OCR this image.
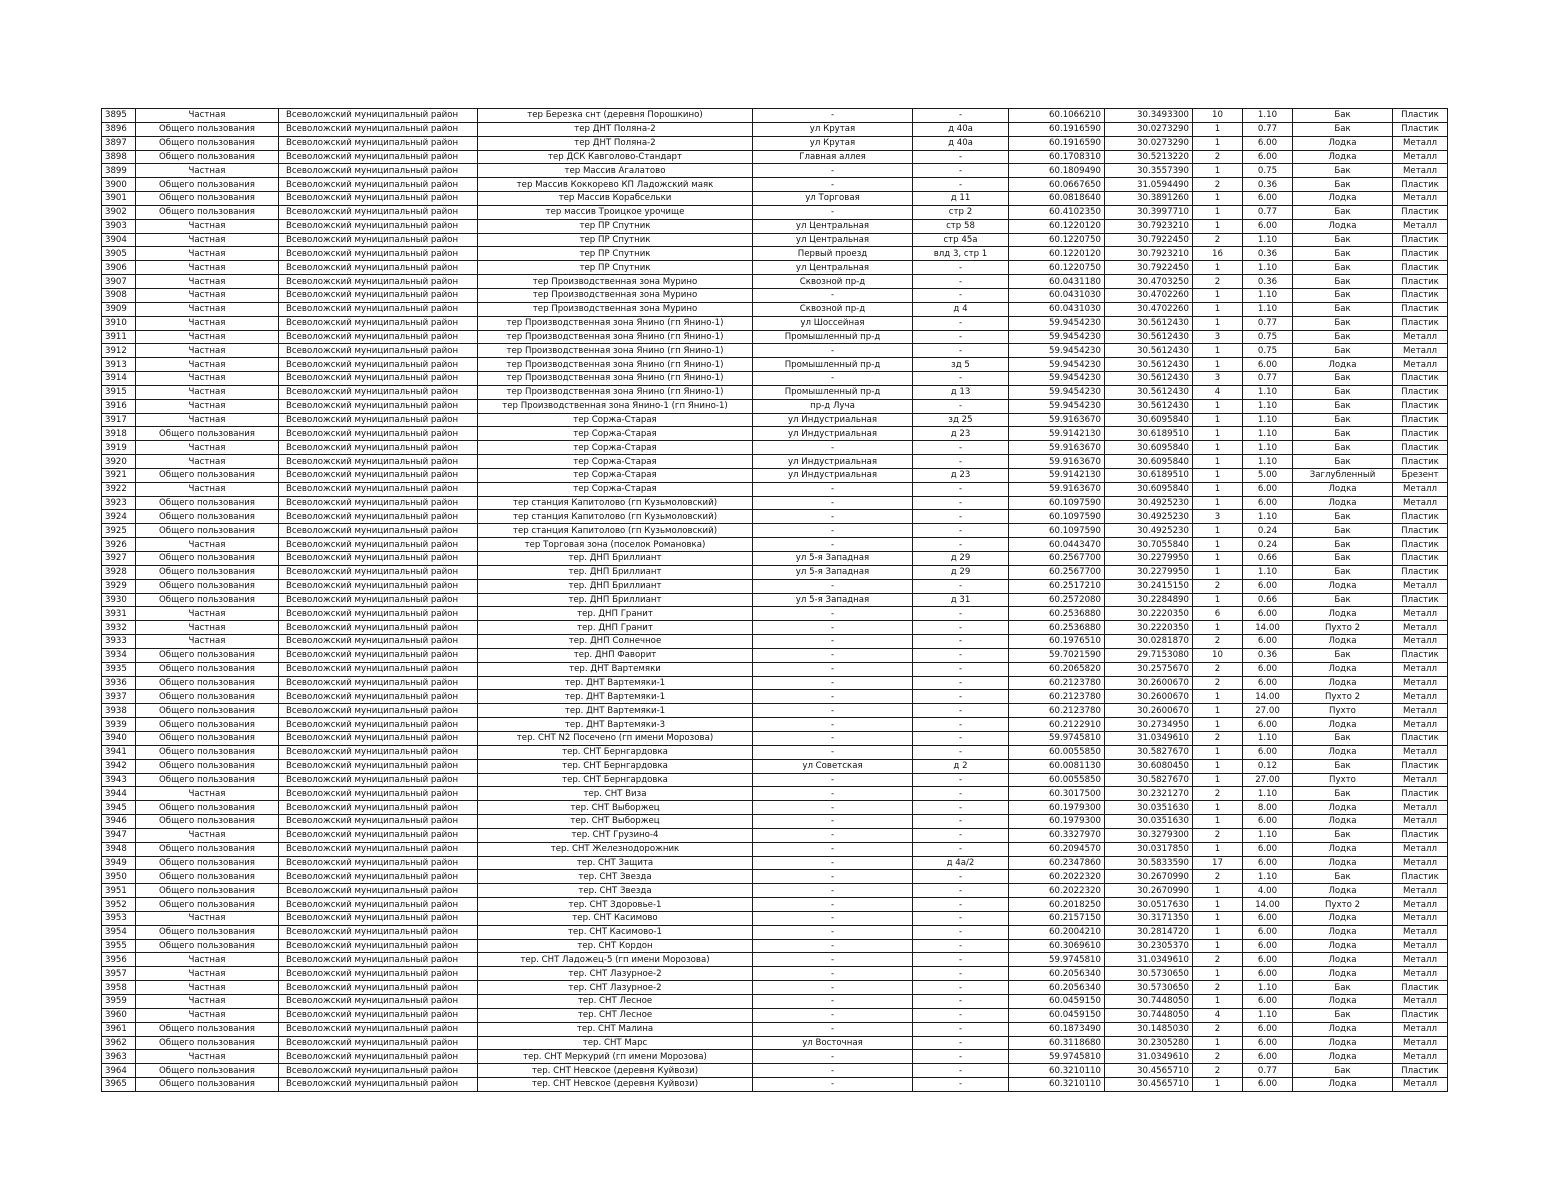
3895	Частная	Всеволожский муниципальный район	тер Березка снт (деревня Порошкино)	-	-	60.1066210	30.3493300	10	1.10	Бак	Пластик
3896	Общего пользования	Всеволожский муниципальный район	тер ДНТ Поляна-2	ул Крутая	д 40а	60.1916590	30.0273290	1	0.77	Бак	Пластик
3897	Общего пользования	Всеволожский муниципальный район	тер ДНТ Поляна-2	ул Крутая	д 40а	60.1916590	30.0273290	1	6.00	Лодка	Металл
3898	Общего пользования	Всеволожский муниципальный район	тер ДСК Кавголово-Стандарт	Главная аллея	-	60.1708310	30.5213220	2	6.00	Лодка	Металл
3899	Частная	Всеволожский муниципальный район	тер Массив Агалатово	-	-	60.1809490	30.3557390	1	0.75	Бак	Металл
3900	Общего пользования	Всеволожский муниципальный район	тер Массив Коккорево КП Ладожский маяк	-	-	60.0667650	31.0594490	2	0.36	Бак	Пластик
3901	Общего пользования	Всеволожский муниципальный район	тер Массив Корабсельки	ул Торговая	д 11	60.0818640	30.3891260	1	6.00	Лодка	Металл
3902	Общего пользования	Всеволожский муниципальный район	тер массив Троицкое урочище	-	стр 2	60.4102350	30.3997710	1	0.77	Бак	Пластик
3903	Частная	Всеволожский муниципальный район	тер ПР Спутник	ул Центральная	стр 58	60.1220120	30.7923210	1	6.00	Лодка	Металл
3904	Частная	Всеволожский муниципальный район	тер ПР Спутник	ул Центральная	стр 45а	60.1220750	30.7922450	2	1.10	Бак	Пластик
3905	Частная	Всеволожский муниципальный район	тер ПР Спутник	Первый проезд	влд 3, стр 1	60.1220120	30.7923210	16	0.36	Бак	Пластик
3906	Частная	Всеволожский муниципальный район	тер ПР Спутник	ул Центральная	-	60.1220750	30.7922450	1	1.10	Бак	Пластик
3907	Частная	Всеволожский муниципальный район	тер Производственная зона Мурино	Сквозной пр-д	-	60.0431180	30.4703250	2	0.36	Бак	Пластик
3908	Частная	Всеволожский муниципальный район	тер Производственная зона Мурино	-	-	60.0431030	30.4702260	1	1.10	Бак	Пластик
3909	Частная	Всеволожский муниципальный район	тер Производственная зона Мурино	Сквозной пр-д	д 4	60.0431030	30.4702260	1	1.10	Бак	Пластик
3910	Частная	Всеволожский муниципальный район	тер Производственная зона Янино (гп Янино-1)	ул Шоссейная	-	59.9454230	30.5612430	1	0.77	Бак	Пластик
3911	Частная	Всеволожский муниципальный район	тер Производственная зона Янино (гп Янино-1)	Промышленный пр-д	-	59.9454230	30.5612430	3	0.75	Бак	Металл
3912	Частная	Всеволожский муниципальный район	тер Производственная зона Янино (гп Янино-1)	-	-	59.9454230	30.5612430	1	0.75	Бак	Металл
3913	Частная	Всеволожский муниципальный район	тер Производственная зона Янино (гп Янино-1)	Промышленный пр-д	зд 5	59.9454230	30.5612430	1	6.00	Лодка	Металл
3914	Частная	Всеволожский муниципальный район	тер Производственная зона Янино (гп Янино-1)	-	-	59.9454230	30.5612430	3	0.77	Бак	Пластик
3915	Частная	Всеволожский муниципальный район	тер Производственная зона Янино (гп Янино-1)	Промышленный пр-д	д 13	59.9454230	30.5612430	4	1.10	Бак	Пластик
3916	Частная	Всеволожский муниципальный район	тер Производственная зона Янино-1 (гп Янино-1)	пр-д Луча	-	59.9454230	30.5612430	1	1.10	Бак	Пластик
3917	Частная	Всеволожский муниципальный район	тер Соржа-Старая	ул Индустриальная	зд 25	59.9163670	30.6095840	1	1.10	Бак	Пластик
3918	Общего пользования	Всеволожский муниципальный район	тер Соржа-Старая	ул Индустриальная	д 23	59.9142130	30.6189510	1	1.10	Бак	Пластик
3919	Частная	Всеволожский муниципальный район	тер Соржа-Старая	-	-	59.9163670	30.6095840	1	1.10	Бак	Пластик
3920	Частная	Всеволожский муниципальный район	тер Соржа-Старая	ул Индустриальная	-	59.9163670	30.6095840	1	1.10	Бак	Пластик
3921	Общего пользования	Всеволожский муниципальный район	тер Соржа-Старая	ул Индустриальная	д 23	59.9142130	30.6189510	1	5.00	Заглубленный	Брезент
3922	Частная	Всеволожский муниципальный район	тер Соржа-Старая	-	-	59.9163670	30.6095840	1	6.00	Лодка	Металл
3923	Общего пользования	Всеволожский муниципальный район	тер станция Капитолово (гп Кузьмоловский)	-	-	60.1097590	30.4925230	1	6.00	Лодка	Металл
3924	Общего пользования	Всеволожский муниципальный район	тер станция Капитолово (гп Кузьмоловский)	-	-	60.1097590	30.4925230	3	1.10	Бак	Пластик
3925	Общего пользования	Всеволожский муниципальный район	тер станция Капитолово (гп Кузьмоловский)	-	-	60.1097590	30.4925230	1	0.24	Бак	Пластик
3926	Частная	Всеволожский муниципальный район	тер Торговая зона (поселок Романовка)	-	-	60.0443470	30.7055840	1	0.24	Бак	Пластик
3927	Общего пользования	Всеволожский муниципальный район	тер. ДНП Бриллиант	ул 5-я Западная	д 29	60.2567700	30.2279950	1	0.66	Бак	Пластик
3928	Общего пользования	Всеволожский муниципальный район	тер. ДНП Бриллиант	ул 5-я Западная	д 29	60.2567700	30.2279950	1	1.10	Бак	Пластик
3929	Общего пользования	Всеволожский муниципальный район	тер. ДНП Бриллиант	-	-	60.2517210	30.2415150	2	6.00	Лодка	Металл
3930	Общего пользования	Всеволожский муниципальный район	тер. ДНП Бриллиант	ул 5-я Западная	д 31	60.2572080	30.2284890	1	0.66	Бак	Пластик
3931	Частная	Всеволожский муниципальный район	тер. ДНП Гранит	-	-	60.2536880	30.2220350	6	6.00	Лодка	Металл
3932	Частная	Всеволожский муниципальный район	тер. ДНП Гранит	-	-	60.2536880	30.2220350	1	14.00	Пухто 2	Металл
3933	Частная	Всеволожский муниципальный район	тер. ДНП Солнечное	-	-	60.1976510	30.0281870	2	6.00	Лодка	Металл
3934	Общего пользования	Всеволожский муниципальный район	тер. ДНП Фаворит	-	-	59.7021590	29.7153080	10	0.36	Бак	Пластик
3935	Общего пользования	Всеволожский муниципальный район	тер. ДНТ Вартемяки	-	-	60.2065820	30.2575670	2	6.00	Лодка	Металл
3936	Общего пользования	Всеволожский муниципальный район	тер. ДНТ Вартемяки-1	-	-	60.2123780	30.2600670	2	6.00	Лодка	Металл
3937	Общего пользования	Всеволожский муниципальный район	тер. ДНТ Вартемяки-1	-	-	60.2123780	30.2600670	1	14.00	Пухто 2	Металл
3938	Общего пользования	Всеволожский муниципальный район	тер. ДНТ Вартемяки-1	-	-	60.2123780	30.2600670	1	27.00	Пухто	Металл
3939	Общего пользования	Всеволожский муниципальный район	тер. ДНТ Вартемяки-3	-	-	60.2122910	30.2734950	1	6.00	Лодка	Металл
3940	Общего пользования	Всеволожский муниципальный район	тер. СНТ N2 Посечено (гп имени Морозова)	-	-	59.9745810	31.0349610	2	1.10	Бак	Пластик
3941	Общего пользования	Всеволожский муниципальный район	тер. СНТ Бернгардовка	-	-	60.0055850	30.5827670	1	6.00	Лодка	Металл
3942	Общего пользования	Всеволожский муниципальный район	тер. СНТ Бернгардовка	ул Советская	д 2	60.0081130	30.6080450	1	0.12	Бак	Пластик
3943	Общего пользования	Всеволожский муниципальный район	тер. СНТ Бернгардовка	-	-	60.0055850	30.5827670	1	27.00	Пухто	Металл
3944	Частная	Всеволожский муниципальный район	тер. СНТ Виза	-	-	60.3017500	30.2321270	2	1.10	Бак	Пластик
3945	Общего пользования	Всеволожский муниципальный район	тер. СНТ Выборжец	-	-	60.1979300	30.0351630	1	8.00	Лодка	Металл
3946	Общего пользования	Всеволожский муниципальный район	тер. СНТ Выборжец	-	-	60.1979300	30.0351630	1	6.00	Лодка	Металл
3947	Частная	Всеволожский муниципальный район	тер. СНТ Грузино-4	-	-	60.3327970	30.3279300	2	1.10	Бак	Пластик
3948	Общего пользования	Всеволожский муниципальный район	тер. СНТ Железнодорожник	-	-	60.2094570	30.0317850	1	6.00	Лодка	Металл
3949	Общего пользования	Всеволожский муниципальный район	тер. СНТ Защита	-	д 4а/2	60.2347860	30.5833590	17	6.00	Лодка	Металл
3950	Общего пользования	Всеволожский муниципальный район	тер. СНТ Звезда	-	-	60.2022320	30.2670990	2	1.10	Бак	Пластик
3951	Общего пользования	Всеволожский муниципальный район	тер. СНТ Звезда	-	-	60.2022320	30.2670990	1	4.00	Лодка	Металл
3952	Общего пользования	Всеволожский муниципальный район	тер. СНТ Здоровье-1	-	-	60.2018250	30.0517630	1	14.00	Пухто 2	Металл
3953	Частная	Всеволожский муниципальный район	тер. СНТ Касимово	-	-	60.2157150	30.3171350	1	6.00	Лодка	Металл
3954	Общего пользования	Всеволожский муниципальный район	тер. СНТ Касимово-1	-	-	60.2004210	30.2814720	1	6.00	Лодка	Металл
3955	Общего пользования	Всеволожский муниципальный район	тер. СНТ Кордон	-	-	60.3069610	30.2305370	1	6.00	Лодка	Металл
3956	Частная	Всеволожский муниципальный район	тер. СНТ Ладожец-5 (гп имени Морозова)	-	-	59.9745810	31.0349610	2	6.00	Лодка	Металл
3957	Частная	Всеволожский муниципальный район	тер. СНТ Лазурное-2	-	-	60.2056340	30.5730650	1	6.00	Лодка	Металл
3958	Частная	Всеволожский муниципальный район	тер. СНТ Лазурное-2	-	-	60.2056340	30.5730650	2	1.10	Бак	Пластик
3959	Частная	Всеволожский муниципальный район	тер. СНТ Лесное	-	-	60.0459150	30.7448050	1	6.00	Лодка	Металл
3960	Частная	Всеволожский муниципальный район	тер. СНТ Лесное	-	-	60.0459150	30.7448050	4	1.10	Бак	Пластик
3961	Общего пользования	Всеволожский муниципальный район	тер. СНТ Малина	-	-	60.1873490	30.1485030	2	6.00	Лодка	Металл
3962	Общего пользования	Всеволожский муниципальный район	тер. СНТ Марс	ул Восточная	-	60.3118680	30.2305280	1	6.00	Лодка	Металл
3963	Частная	Всеволожский муниципальный район	тер. СНТ Меркурий (гп имени Морозова)	-	-	59.9745810	31.0349610	2	6.00	Лодка	Металл
3964	Общего пользования	Всеволожский муниципальный район	тер. СНТ Невское (деревня Куйвози)	-	-	60.3210110	30.4565710	2	0.77	Бак	Пластик
3965	Общего пользования	Всеволожский муниципальный район	тер. СНТ Невское (деревня Куйвози)	-	-	60.3210110	30.4565710	1	6.00	Лодка	Металл
